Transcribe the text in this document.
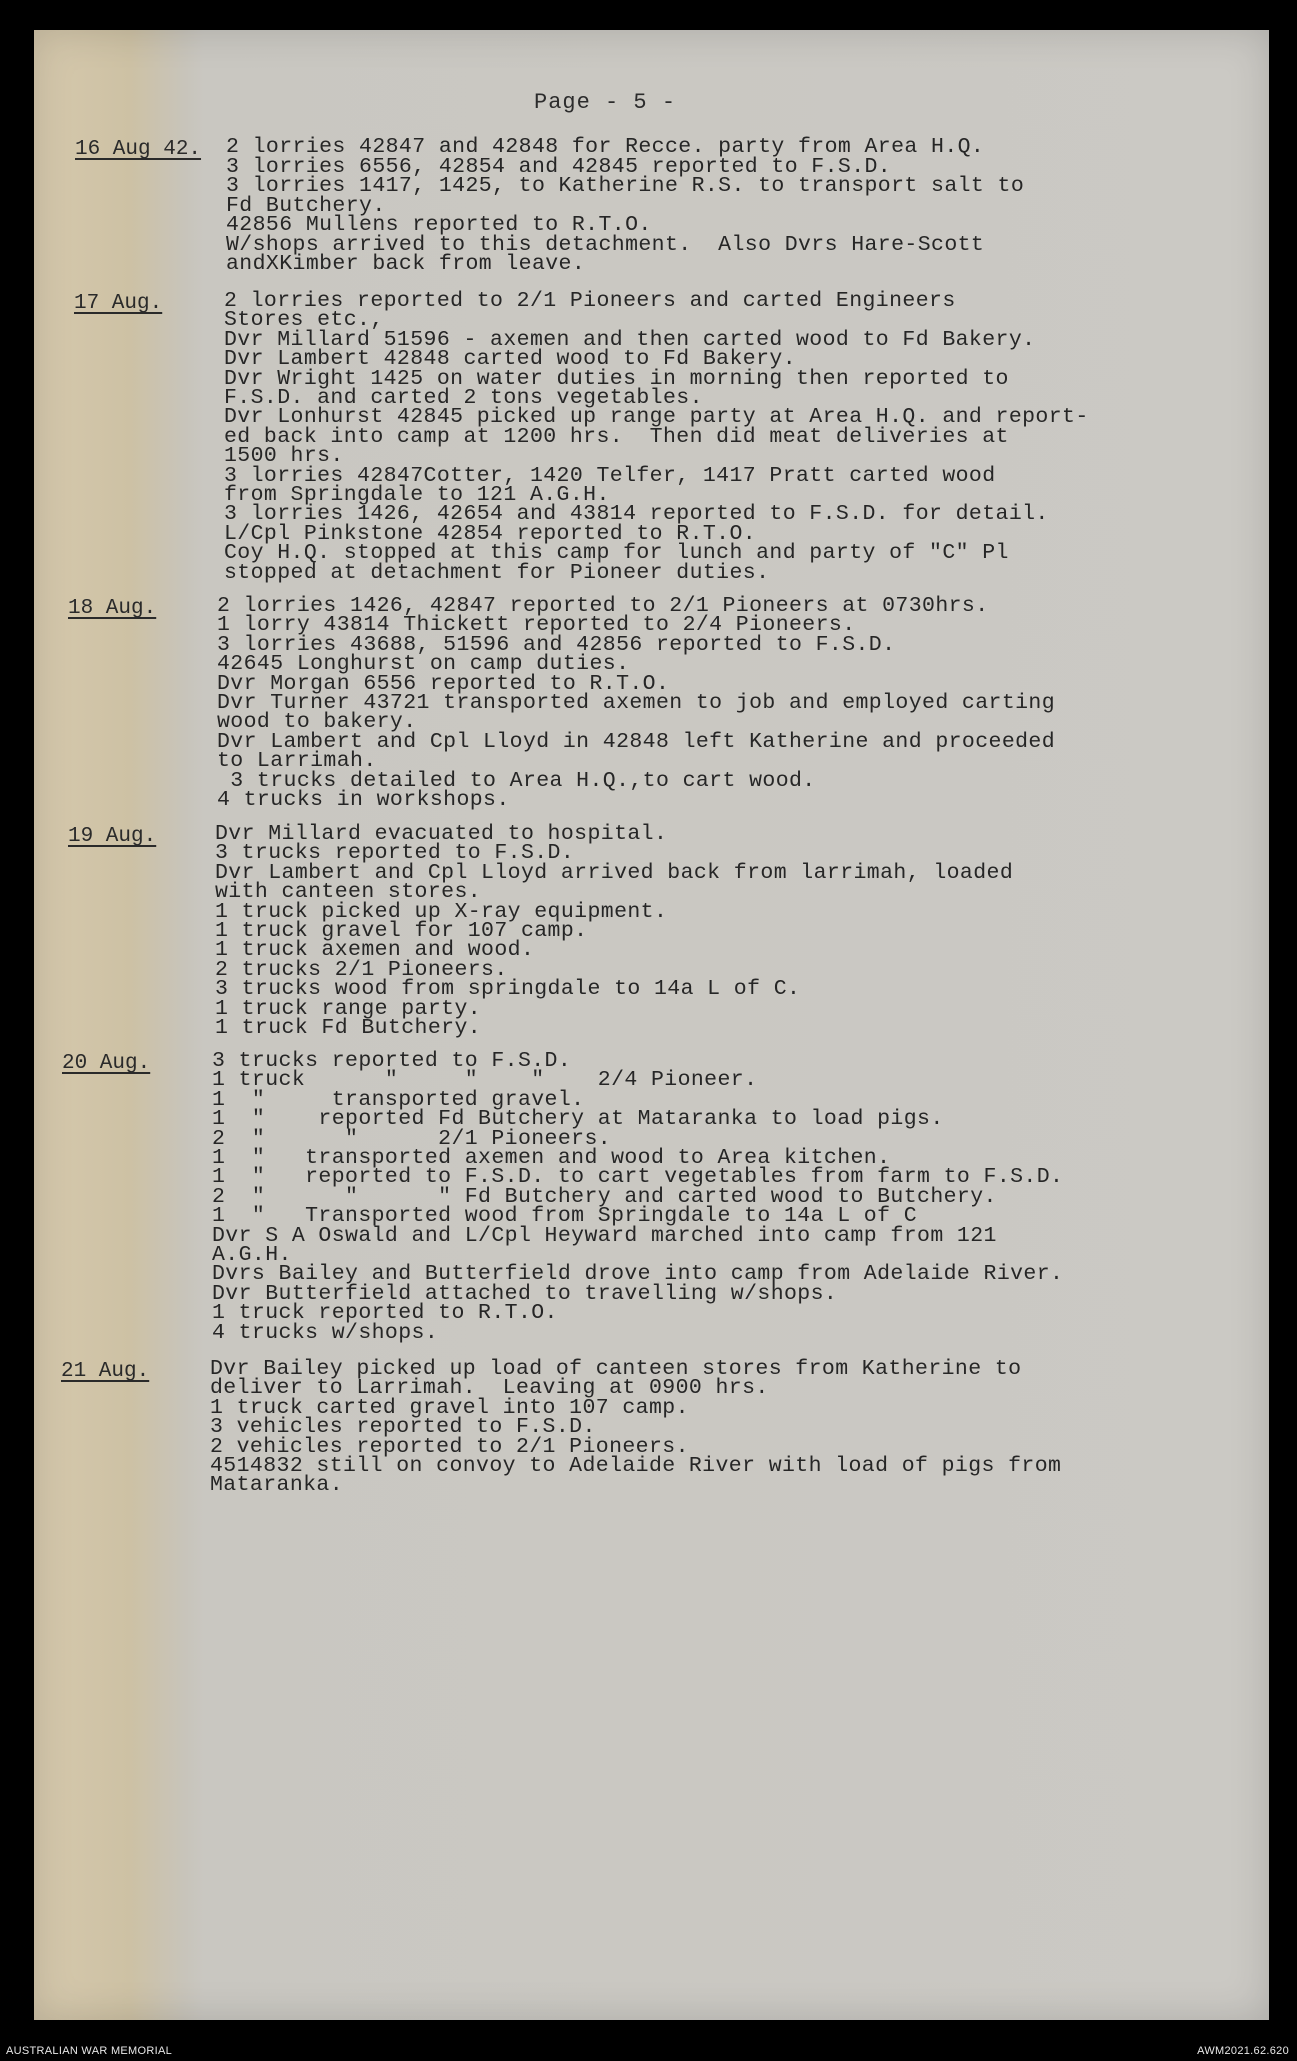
Page - 5 -
16 Aug 42. 2 lorries 42847 and 42848 for Recce. party from Area H.Q.
3 lorries 6556, 42854 and 42845 reported to F.S.D.
3 lorries 1417, 1425, to Katherine R.S. to transport salt to
Fd Butchery.
42856 Mullens reported to R.T.O.
W/shops arrived to this detachment.  Also Dvrs Hare-Scott
andXKimber back from leave.
17 Aug.	2 lorries reported to 2/1 Pioneers and carted Engineers
Stores etc.,
Dvr Millard 51596 - axemen and then carted wood to Fd Bakery.
Dvr Lambert 42848 carted wood to Fd Bakery.
Dvr Wright 1425 on water duties in morning then reported to
F.S.D. and carted 2 tons vegetables.
Dvr Lonhurst 42845 picked up range party at Area H.Q. and report-
ed back into camp at 1200 hrs.  Then did meat deliveries at
1500 hrs.
3 lorries 42847Cotter, 1420 Telfer, 1417 Pratt carted wood
from Springdale to 121 A.G.H.
3 lorries 1426, 42654 and 43814 reported to F.S.D. for detail.
L/Cpl Pinkstone 42854 reported to R.T.O.
Coy H.Q. stopped at this camp for lunch and party of "C" Pl
stopped at detachment for Pioneer duties.
18 Aug.	2 lorries 1426, 42847 reported to 2/1 Pioneers at 0730hrs.
1 lorry 43814 Thickett reported to 2/4 Pioneers.
3 lorries 43688, 51596 and 42856 reported to F.S.D.
42645 Longhurst on camp duties.
Dvr Morgan 6556 reported to R.T.O.
Dvr Turner 43721 transported axemen to job and employed carting
wood to bakery.
Dvr Lambert and Cpl Lloyd in 42848 left Katherine and proceeded
to Larrimah.
3 trucks detailed to Area H.Q.,to cart wood.
4 trucks in workshops.
19 Aug.	Dvr Millard evacuated to hospital.
3 trucks reported to F.S.D.
Dvr Lambert and Cpl Lloyd arrived back from larrimah, loaded
with canteen stores.
1 truck picked up X-ray equipment.
1 truck gravel for 107 camp.
1 truck axemen and wood.
2 trucks 2/1 Pioneers.
3 trucks wood from springdale to 14a L of C.
1 truck range party.
1 truck Fd Butchery.
20 Aug.	3 trucks reported to F.S.D.
1 truck      "     "    "    2/4 Pioneer.
1  "     transported gravel.
1  "    reported Fd Butchery at Mataranka to load pigs.
2  "      "      2/1 Pioneers.
1  "   transported axemen and wood to Area kitchen.
1  "   reported to F.S.D. to cart vegetables from farm to F.S.D.
2  "      "      " Fd Butchery and carted wood to Butchery.
1  "   Transported wood from Springdale to 14a L of C
Dvr S A Oswald and L/Cpl Heyward marched into camp from 121
A.G.H.
Dvrs Bailey and Butterfield drove into camp from Adelaide River.
Dvr Butterfield attached to travelling w/shops.
1 truck reported to R.T.O.
4 trucks w/shops.
21 Aug.	Dvr Bailey picked up load of canteen stores from Katherine to
deliver to Larrimah.  Leaving at 0900 hrs.
1 truck carted gravel into 107 camp.
3 vehicles reported to F.S.D.
2 vehicles reported to 2/1 Pioneers.
4514832 still on convoy to Adelaide River with load of pigs from
Mataranka.
AUSTRALIAN WAR MEMORIAL	AWM2021.62.620
